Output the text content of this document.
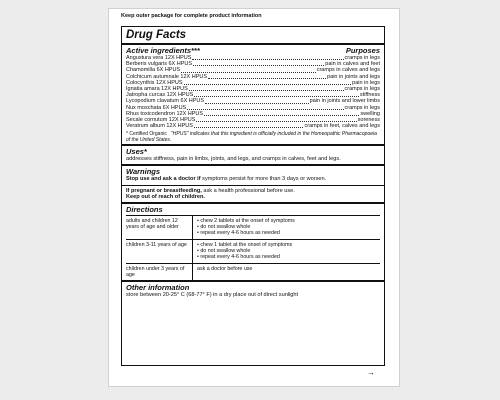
Keep outer package for complete product information
Drug Facts
Active ingredients***	Purposes
Angustura vera 12X HPUS	cramps in legs
Berberis vulgaris 6X HPUS	pain in calves and feet
Chamomilla 6X HPUS	cramps in calves and legs
Colchicum autumnale 12X HPUS	pain in joints and legs
Colocynthis 12X HPUS	pain in legs
Ignatia amara 12X HPUS	cramps in legs
Jatropha curcas 12X HPUS	stiffness
Lycopodium clavatum 6X HPUS	pain in joints and lower limbs
Nux moschata 6X HPUS	cramps in legs
Rhus toxicodendron 12X HPUS	swelling
Secale cornutum 12X HPUS	soreness
Veratrum album 12X HPUS	cramps in feet, calves and legs
* Certified Organic "HPUS" indicates that this ingredient is officially included in the Homeopathic Pharmacopoeia of the United States.
Uses*
addresses stiffness, pain in limbs, joints, and legs, and cramps in calves, feet and legs.
Warnings
Stop use and ask a doctor if symptoms persist for more than 3 days or worsen.
If pregnant or breastfeeding, ask a health professional before use.
Keep out of reach of children.
Directions
adults and children 12 years of age and older	• chew 2 tablets at the onset of symptoms
• do not swallow whole
• repeat every 4-6 hours as needed

children 3-11 years of age	• chew 1 tablet at the onset of symptoms
• do not swallow whole
• repeat every 4-6 hours as needed

children under 3 years of age	ask a doctor before use
Other information
store between 20-25° C (68-77° F) in a dry place out of direct sunlight
→
